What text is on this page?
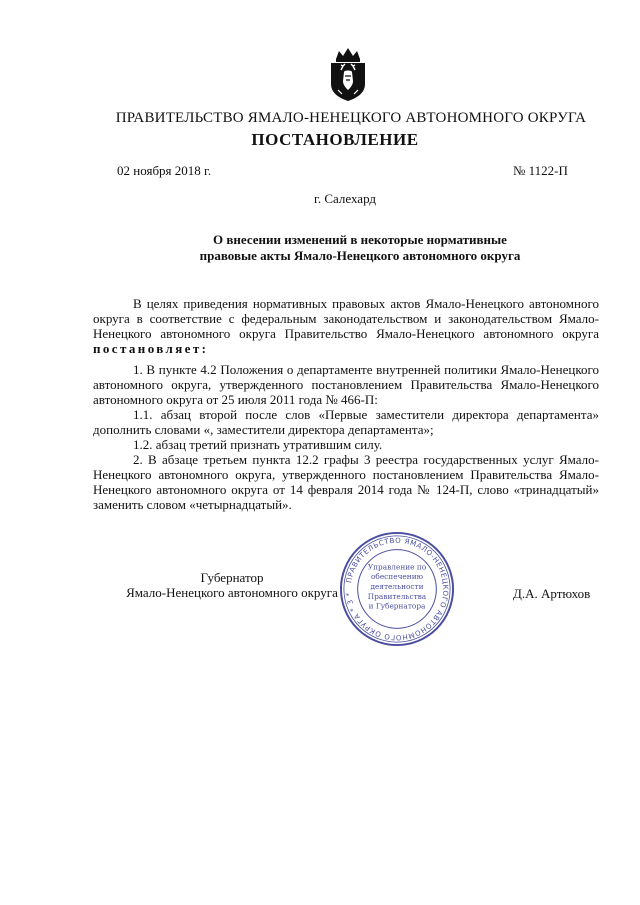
ПРАВИТЕЛЬСТВО ЯМАЛО-НЕНЕЦКОГО АВТОНОМНОГО ОКРУГА
ПОСТАНОВЛЕНИЕ
02 ноября 2018 г.	№ 1122-П
г. Салехард
О внесении изменений в некоторые нормативные
правовые акты Ямало-Ненецкого автономного округа

В целях приведения нормативных правовых актов Ямало-Ненецкого автономного округа в соответствие с федеральным законодательством и законодательством Ямало-Ненецкого автономного округа Правительство Ямало-Ненецкого автономного округа постановляет:

1. В пункте 4.2 Положения о департаменте внутренней политики Ямало-Ненецкого автономного округа, утвержденного постановлением Правительства Ямало-Ненецкого автономного округа от 25 июля 2011 года № 466-П:

1.1. абзац второй после слов «Первые заместители директора департамента» дополнить словами «, заместители директора департамента»;

1.2. абзац третий признать утратившим силу.

2. В абзаце третьем пункта 12.2 графы 3 реестра государственных услуг Ямало-Ненецкого автономного округа, утвержденного постановлением Правительства Ямало-Ненецкого автономного округа от 14 февраля 2014 года № 124-П, слово «тринадцатый» заменить словом «четырнадцатый».

Губернатор
Ямало-Ненецкого автономного округа	Д.А. Артюхов
ПРАВИТЕЛЬСТВО ЯМАЛО-НЕНЕЦКОГО АВТОНОМНОГО ОКРУГА * 3 *
Управление по
обеспечению
деятельности
Правительства
и Губернатора
